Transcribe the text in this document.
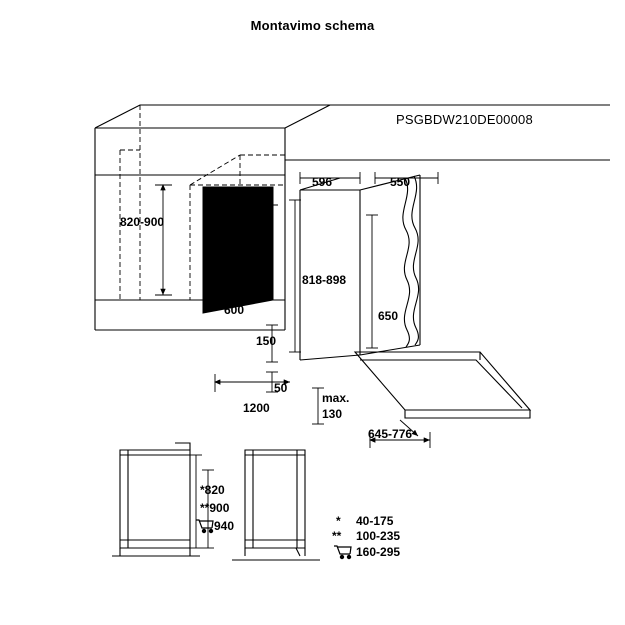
Montavimo schema
PSGBDW210DE00008
820-900
min. 550
600
596	550
818-898
650
150
50
1200
max.
130
645-776
*820
**900
940	* 40-175
** 100-235
160-295
